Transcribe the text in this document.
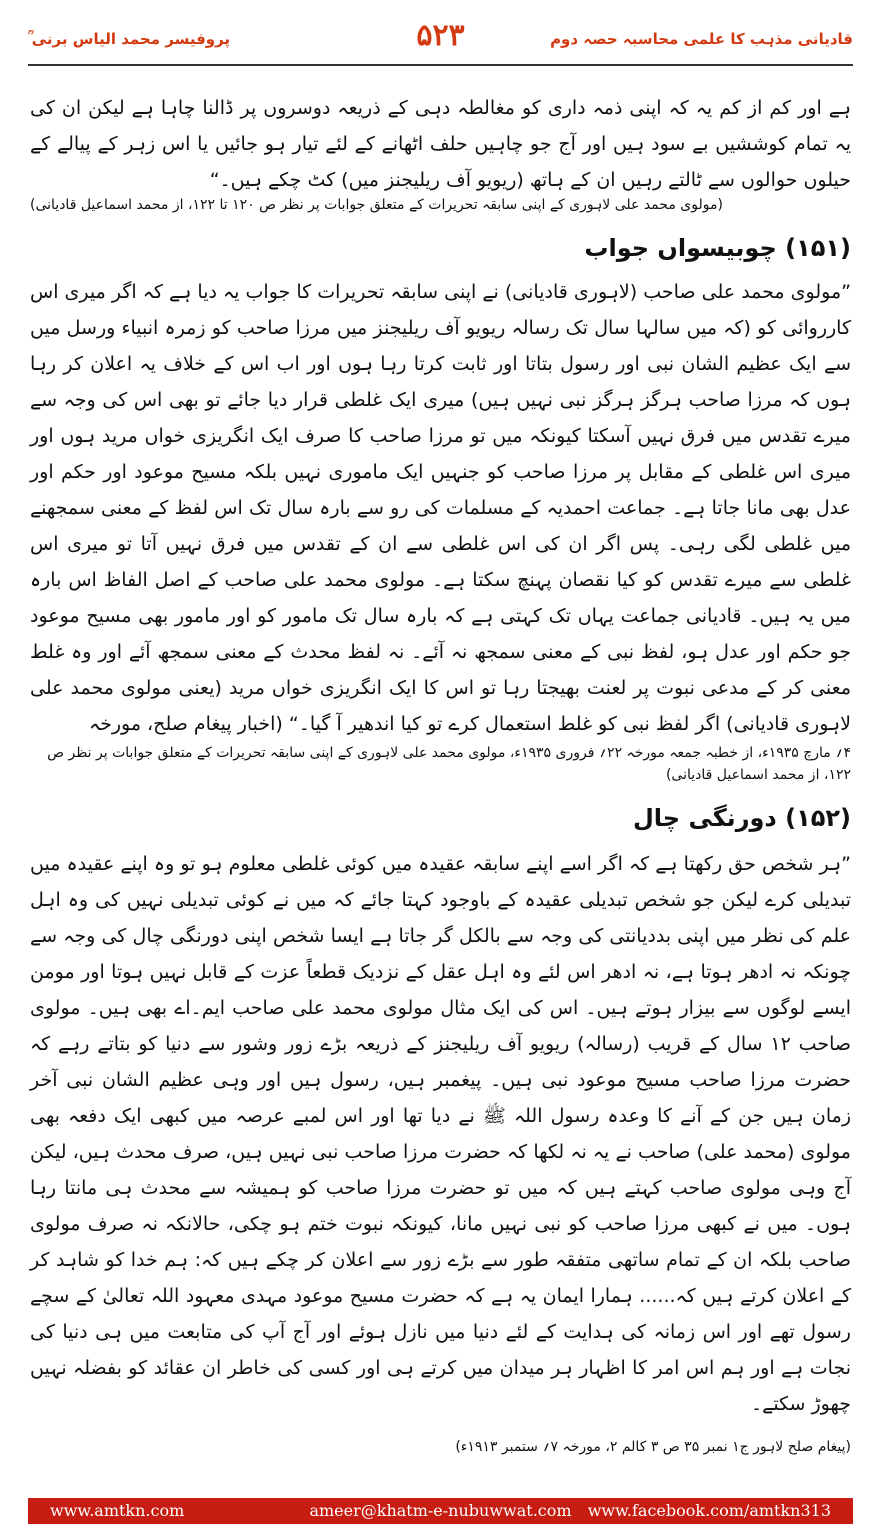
قادیانی مذہب کا علمی محاسبہ حصہ دوم
۵۲۳
پروفیسر محمد الیاس برنی ؒ

ہے اور کم از کم یہ کہ اپنی ذمہ داری کو مغالطہ دہی کے ذریعہ دوسروں پر ڈالنا چاہا ہے لیکن ان کی یہ تمام کوششیں بے سود ہیں اور آج جو چاہیں حلف اٹھانے کے لئے تیار ہو جائیں یا اس زہر کے پیالے کے حیلوں حوالوں سے ٹالتے رہیں ان کے ہاتھ (ریویو آف ریلیجنز میں) کٹ چکے ہیں۔“

(مولوی محمد علی لاہوری کے اپنی سابقہ تحریرات کے متعلق جوابات پر نظر ص ۱۲۰ تا ۱۲۲، از محمد اسماعیل قادیانی)

(۱۵۱) چوبیسواں جواب

”مولوی محمد علی صاحب (لاہوری قادیانی) نے اپنی سابقہ تحریرات کا جواب یہ دیا ہے کہ اگر میری اس کارروائی کو (کہ میں سالہا سال تک رسالہ ریویو آف ریلیجنز میں مرزا صاحب کو زمرہ انبیاء ورسل میں سے ایک عظیم الشان نبی اور رسول بتاتا اور ثابت کرتا رہا ہوں اور اب اس کے خلاف یہ اعلان کر رہا ہوں کہ مرزا صاحب ہرگز ہرگز نبی نہیں ہیں) میری ایک غلطی قرار دیا جائے تو بھی اس کی وجہ سے میرے تقدس میں فرق نہیں آسکتا کیونکہ میں تو مرزا صاحب کا صرف ایک انگریزی خواں مرید ہوں اور میری اس غلطی کے مقابل پر مرزا صاحب کو جنہیں ایک ماموری نہیں بلکہ مسیح موعود اور حکم اور عدل بھی مانا جاتا ہے۔ جماعت احمدیہ کے مسلمات کی رو سے بارہ سال تک اس لفظ کے معنی سمجھنے میں غلطی لگی رہی۔ پس اگر ان کی اس غلطی سے ان کے تقدس میں فرق نہیں آتا تو میری اس غلطی سے میرے تقدس کو کیا نقصان پہنچ سکتا ہے۔ مولوی محمد علی صاحب کے اصل الفاظ اس بارہ میں یہ ہیں۔ قادیانی جماعت یہاں تک کہتی ہے کہ بارہ سال تک مامور کو اور مامور بھی مسیح موعود جو حکم اور عدل ہو، لفظ نبی کے معنی سمجھ نہ آئے۔ نہ لفظ محدث کے معنی سمجھ آئے اور وہ غلط معنی کر کے مدعی نبوت پر لعنت بھیجتا رہا تو اس کا ایک انگریزی خواں مرید (یعنی مولوی محمد علی لاہوری قادیانی) اگر لفظ نبی کو غلط استعمال کرے تو کیا اندھیر آ گیا۔“ (اخبار پیغام صلح، مورخہ

۴؍ مارچ ۱۹۳۵ء، از خطبہ جمعہ مورخہ ۲۲؍ فروری ۱۹۳۵ء، مولوی محمد علی لاہوری کے اپنی سابقہ تحریرات کے متعلق جوابات پر نظر ص ۱۲۲، از محمد اسماعیل قادیانی)

(۱۵۲) دورنگی چال

”ہر شخص حق رکھتا ہے کہ اگر اسے اپنے سابقہ عقیدہ میں کوئی غلطی معلوم ہو تو وہ اپنے عقیدہ میں تبدیلی کرے لیکن جو شخص تبدیلی عقیدہ کے باوجود کہتا جائے کہ میں نے کوئی تبدیلی نہیں کی وہ اہل علم کی نظر میں اپنی بددیانتی کی وجہ سے بالکل گر جاتا ہے ایسا شخص اپنی دورنگی چال کی وجہ سے چونکہ نہ ادھر ہوتا ہے، نہ ادھر اس لئے وہ اہل عقل کے نزدیک قطعاً عزت کے قابل نہیں ہوتا اور مومن ایسے لوگوں سے بیزار ہوتے ہیں۔ اس کی ایک مثال مولوی محمد علی صاحب ایم۔اے بھی ہیں۔ مولوی صاحب ۱۲ سال کے قریب (رسالہ) ریویو آف ریلیجنز کے ذریعہ بڑے زور وشور سے دنیا کو بتاتے رہے کہ حضرت مرزا صاحب مسیح موعود نبی ہیں۔ پیغمبر ہیں، رسول ہیں اور وہی عظیم الشان نبی آخر زمان ہیں جن کے آنے کا وعدہ رسول اللہ ﷺ نے دیا تھا اور اس لمبے عرصہ میں کبھی ایک دفعہ بھی مولوی (محمد علی) صاحب نے یہ نہ لکھا کہ حضرت مرزا صاحب نبی نہیں ہیں، صرف محدث ہیں، لیکن آج وہی مولوی صاحب کہتے ہیں کہ میں تو حضرت مرزا صاحب کو ہمیشہ سے محدث ہی مانتا رہا ہوں۔ میں نے کبھی مرزا صاحب کو نبی نہیں مانا، کیونکہ نبوت ختم ہو چکی، حالانکہ نہ صرف مولوی صاحب بلکہ ان کے تمام ساتھی متفقہ طور سے بڑے زور سے اعلان کر چکے ہیں کہ: ہم خدا کو شاہد کر کے اعلان کرتے ہیں کہ...... ہمارا ایمان یہ ہے کہ حضرت مسیح موعود مہدی معہود اللہ تعالیٰ کے سچے رسول تھے اور اس زمانہ کی ہدایت کے لئے دنیا میں نازل ہوئے اور آج آپ کی متابعت میں ہی دنیا کی نجات ہے اور ہم اس امر کا اظہار ہر میدان میں کرتے ہی اور کسی کی خاطر ان عقائد کو بفضلہ نہیں چھوڑ سکتے۔

(پیغام صلح لاہور ج۱ نمبر ۳۵ ص ۳ کالم ۲، مورخہ ۷؍ ستمبر ۱۹۱۳ء)

www.amtkn.com	ameer@khatm-e-nubuwwat.com	www.facebook.com/amtkn313
